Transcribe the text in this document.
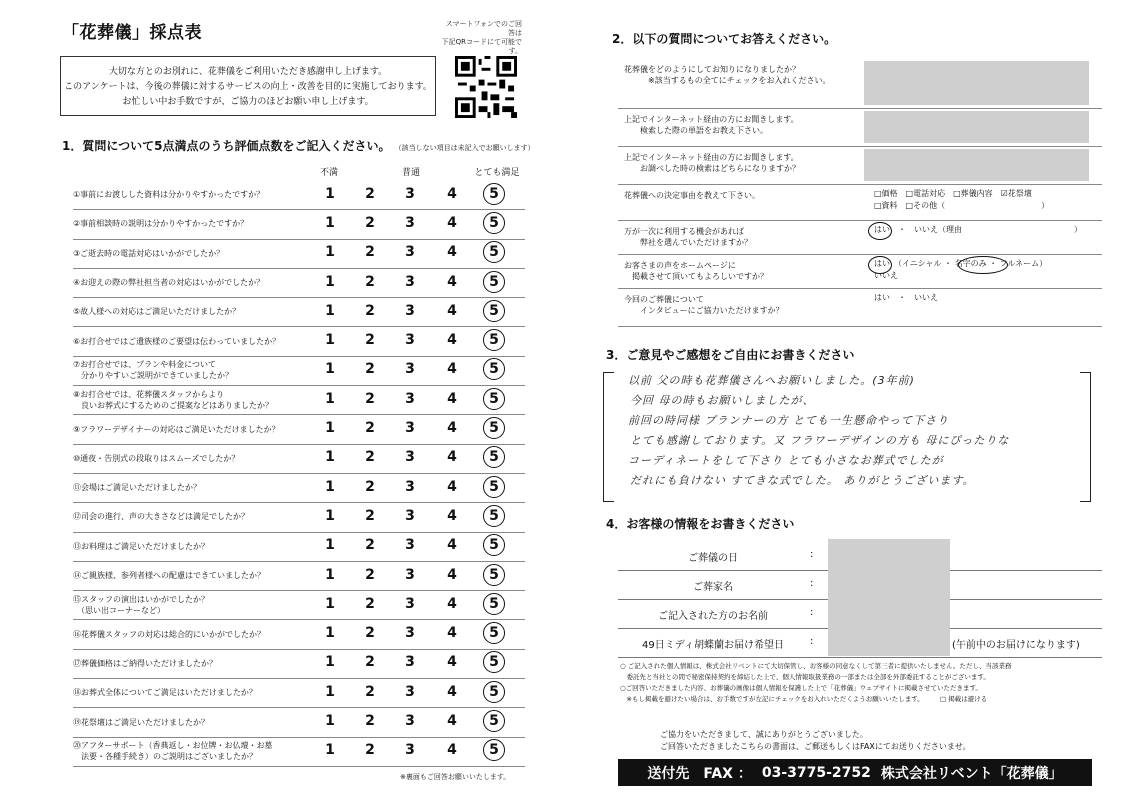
「花葬儀」採点表	スマートフォンでのご回答は
下記QRコードにて可能です。
大切な方とのお別れに、花葬儀をご利用いただき感謝申し上げます。
このアンケートは、今後の葬儀に対するサービスの向上・改善を目的に実施しております。
お忙しい中お手数ですが、ご協力のほどお願い申し上げます。
1．質問について5点満点のうち評価点数をご記入ください。 （該当しない項目は未記入でお願いします）
不満	普通	とても満足
①事前にお渡しした資料は分かりやすかったですか？	1	2	3	4	5
②事前相談時の説明は分かりやすかったですか？	1	2	3	4	5
③ご逝去時の電話対応はいかがでしたか？	1	2	3	4	5
④お迎えの際の弊社担当者の対応はいかがでしたか？	1	2	3	4	5
⑤故人様への対応はご満足いただけましたか？	1	2	3	4	5
⑥お打合せではご遺族様のご要望は伝わっていましたか？	1	2	3	4	5
⑦お打合せでは、プランや料金について
　分かりやすいご説明ができていましたか？	1	2	3	4	5
⑧お打合せでは、花葬儀スタッフからより
　良いお葬式にするためのご提案などはありましたか？	1	2	3	4	5
⑨フラワーデザイナーの対応はご満足いただけましたか？	1	2	3	4	5
⑩通夜・告別式の段取りはスムーズでしたか？	1	2	3	4	5
⑪会場はご満足いただけましたか？	1	2	3	4	5
⑫司会の進行、声の大きさなどは満足でしたか？	1	2	3	4	5
⑬お料理はご満足いただけましたか？	1	2	3	4	5
⑭ご親族様、参列者様への配慮はできていましたか？	1	2	3	4	5
⑮スタッフの演出はいかがでしたか？
　（思い出コーナーなど）	1	2	3	4	5
⑯花葬儀スタッフの対応は総合的にいかがでしたか？	1	2	3	4	5
⑰葬儀価格はご納得いただけましたか？	1	2	3	4	5
⑱お葬式全体についてご満足はいただけましたか？	1	2	3	4	5
⑲花祭壇はご満足いただけましたか？	1	2	3	4	5
⑳アフターサポート（香典返し・お位牌・お仏壇・お墓
　法要・各種手続き）のご説明はございましたか？	1	2	3	4	5
※裏面もご回答お願いいたします。
2．以下の質問についてお答えください。
花葬儀をどのようにしてお知りになりましたか？
　　　※該当するもの全てにチェックをお入れください。
上記でインターネット経由の方にお聞きします。
　　検索した際の単語をお教え下さい。
上記でインターネット経由の方にお聞きします。
　　お調べした時の検索はどちらになりますか？
花葬儀への決定事由を教えて下さい。	□価格　□電話対応　□葬儀内容　☑花祭壇
□資料　□その他（　　　　　　　　　　　　）
万が一次に利用する機会があれば
　　弊社を選んでいただけますか？
はい　・　いいえ（理由　　　　　　　　　　　　　　）
お客さまの声をホームページに
　掲載させて頂いてもよろしいですか？
はい　（イニシャル ・ 名字のみ ・ フルネーム）
いいえ
今回のご葬儀について
　　インタビューにご協力いただけますか？
はい　・　いいえ
3．ご意見やご感想をご自由にお書きください
以前 父の時も花葬儀さんへお願いしました。(3年前)
今回 母の時もお願いしましたが、
前回の時同様 プランナーの方 とても一生懸命やって下さり
とても感謝しております。又 フラワーデザインの方も 母にぴったりな
コーディネートをして下さり とても小さなお葬式でしたが
だれにも負けない すてきな式でした。 ありがとうございます。
4．お客様の情報をお書きください
ご葬儀の日	:
ご葬家名	:
ご記入された方のお名前	:
49日ミディ胡蝶蘭お届け希望日	:	(午前中のお届けになります)
○ ご記入された個人情報は、株式会社リベントにて大切保管し、お客様の同意なくして第三者に提供いたしません。ただし、当該業務
　委託先と当社との間で秘密保持契約を締結した上で、個人情報取扱業務の一部または全部を外部委託することがございます。
○ご回答いただきました内容、お葬儀の画像は個人情報を保護した上で「花葬儀」ウェブサイトに掲載させていただきます。
　※もし掲載を避けたい場合は、お手数ですが左記にチェックをお入れいただくようお願いいたします。　　　□ 掲載は避ける
ご協力をいただきまして、誠にありがとうございました。
ご回答いただきましたこちらの書面は、ご郵送もしくはFAXにてお送りくださいませ。
送付先　FAX ： 03-3775-2752 株式会社リベント「花葬儀」
